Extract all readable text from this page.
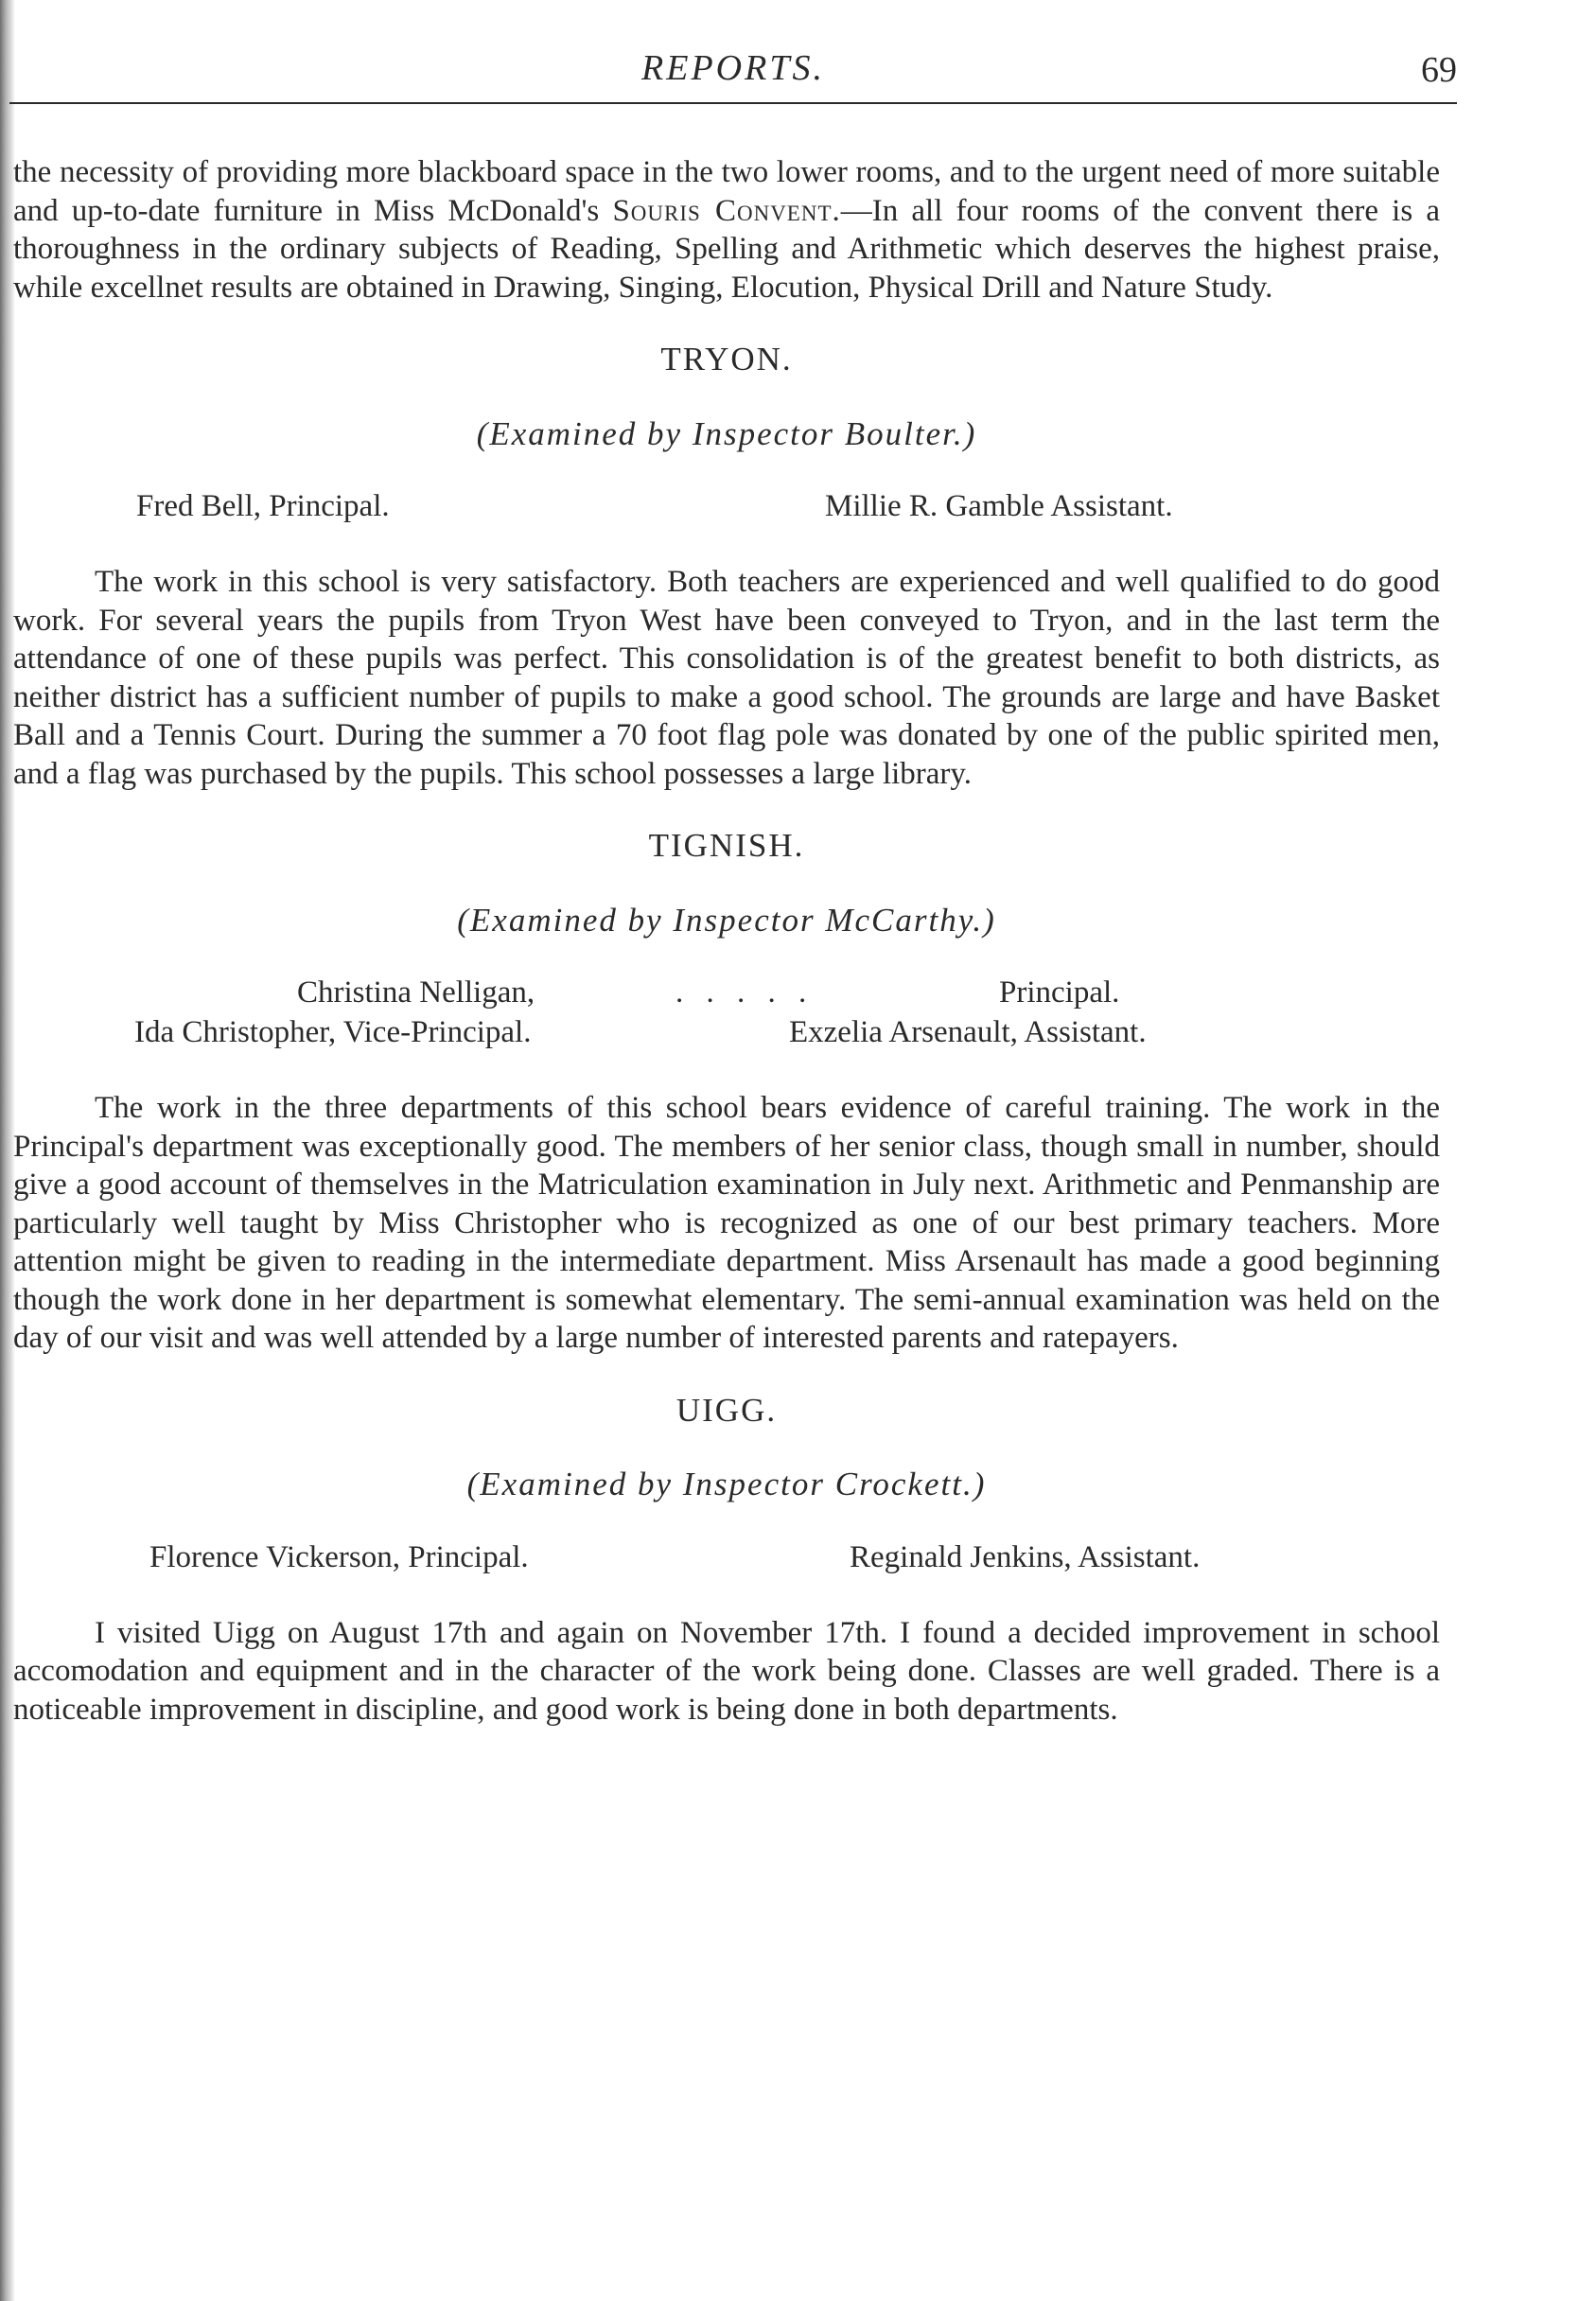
REPORTS.	69

the necessity of providing more blackboard space in the two lower rooms, and to the urgent need of more suitable and up-to-date furniture in Miss McDonald's Souris Convent.—In all four rooms of the convent there is a thoroughness in the ordinary subjects of Reading, Spelling and Arithmetic which deserves the highest praise, while excellnet results are obtained in Drawing, Singing, Elocution, Physical Drill and Nature Study.

TRYON.
(Examined by Inspector Boulter.)
Fred Bell, Principal.	Millie R. Gamble Assistant.

The work in this school is very satisfactory. Both teachers are experienced and well qualified to do good work. For several years the pupils from Tryon West have been conveyed to Tryon, and in the last term the attendance of one of these pupils was perfect. This consolidation is of the greatest benefit to both districts, as neither district has a sufficient number of pupils to make a good school. The grounds are large and have Basket Ball and a Tennis Court. During the summer a 70 foot flag pole was donated by one of the public spirited men, and a flag was purchased by the pupils. This school possesses a large library.

TIGNISH.
(Examined by Inspector McCarthy.)
Christina Nelligan,	. . . . .	Principal.
Ida Christopher, Vice-Principal.	Exzelia Arsenault, Assistant.

The work in the three departments of this school bears evidence of careful training. The work in the Principal's department was exceptionally good. The members of her senior class, though small in number, should give a good account of themselves in the Matriculation examination in July next. Arithmetic and Penmanship are particularly well taught by Miss Christopher who is recognized as one of our best primary teachers. More attention might be given to reading in the intermediate department. Miss Arsenault has made a good beginning though the work done in her department is somewhat elementary. The semi-annual examination was held on the day of our visit and was well attended by a large number of interested parents and ratepayers.

UIGG.
(Examined by Inspector Crockett.)
Florence Vickerson, Principal.	Reginald Jenkins, Assistant.

I visited Uigg on August 17th and again on November 17th. I found a decided improvement in school accomodation and equipment and in the character of the work being done. Classes are well graded. There is a noticeable improvement in discipline, and good work is being done in both departments.
